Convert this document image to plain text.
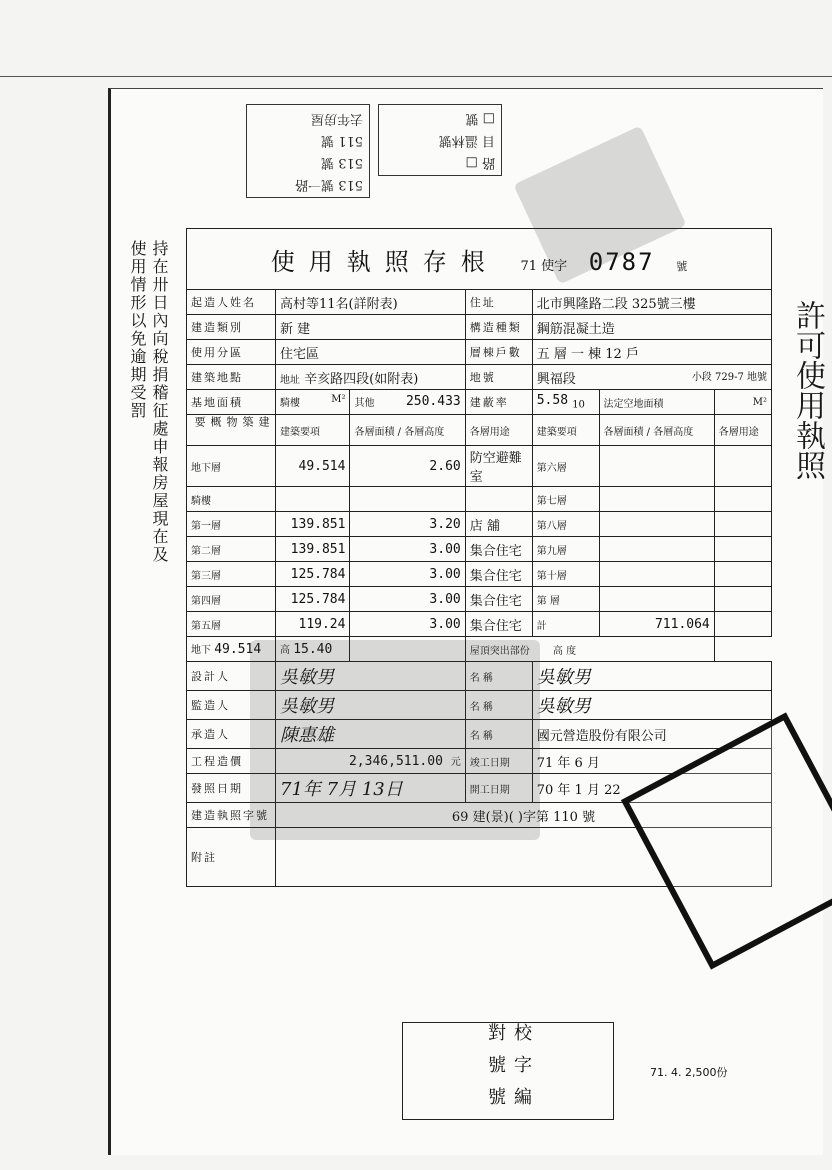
513 號一路
513 號
511 號
去年房屋
路 □
目 溫林號
□ 號
持在卅日內向稅捐稽征處申報房屋現在及使用情形以免逾期受罰	使用執照存根 71 使字 0787 號						
起造人姓名	高村等11名(詳附表)		住址	北市興隆路二段 325號三樓		
建造類別	新 建		構造種類	鋼筋混凝土造		
使用分區	住宅區		層棟戶數	五 層 一 棟 12 戶		
建築地點	地址 辛亥路四段(如附表)		地號	興福段 小段 729-7 地號		

基地面積	騎樓 M²	其他 250.433	建蔽率	5.58 $_{10}$	法定空地面積	M²
建築物概要	建築要項	各層面積 / 各層高度	各層用途	建築要項	各層面積 / 各層高度	各層用途
地下層	49.514	2.60	防空避難室	第六層		
騎樓				第七層		
第一層	139.851	3.20	店 舖	第八層		
第二層	139.851	3.00	集合住宅	第九層		
第三層	125.784	3.00	集合住宅	第十層		
第四層	125.784	3.00	集合住宅	第 層		
第五層	119.24	3.00	集合住宅	計	711.064	
地下 49.514	高 15.40		屋頂突出部份 高 度			
設計人	吳敏男		名 稱	吳敏男		
監造人	吳敏男		名 稱	吳敏男		
承造人	陳惠雄		名 稱	國元營造股份有限公司		
工程造價	2,346,511.00 元		竣工日期	71 年 6 月		
發照日期	71年 7月 13日		開工日期	70 年 1 月 22		
建造執照字號	69 建(景)( )字第 110 號					
附註						
校對
字號
編號
71. 4. 2,500份
許可使用執照
